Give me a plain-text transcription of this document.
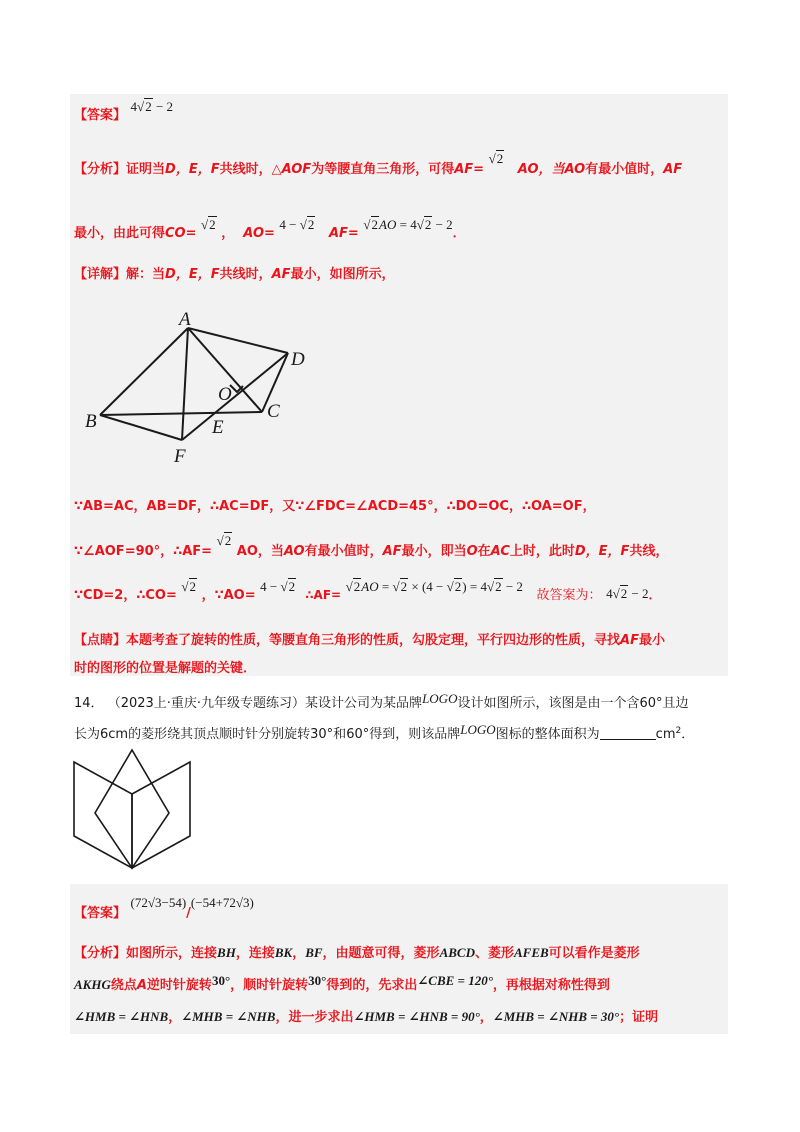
【答案】 4√2 − 2
【分析】证明当D，E，F共线时，△AOF为等腰直角三角形，可得AF= √2   AO，当AO有最小值时，AF
最小，由此可得CO= √2 ， AO= 4 − √2   AF= √2AO = 4√2 − 2．
【详解】解：当D，E，F共线时，AF最小，如图所示，
A
D
O
C
B	E
F
∵AB=AC，AB=DF，∴AC=DF，又∵∠FDC=∠ACD=45°，∴DO=OC，∴OA=OF，
∵∠AOF=90°，∴AF= √2 AO，当AO有最小值时，AF最小，即当O在AC上时，此时D，E，F共线，
∵CD=2，∴CO= √2 ，∵AO= 4 − √2  ∴AF= √2AO = √2 × (4 − √2) = 4√2 − 2   故答案为： 4√2 − 2．
【点睛】本题考查了旋转的性质，等腰直角三角形的性质，勾股定理，平行四边形的性质，寻找AF最小
时的图形的位置是解题的关键．
14． （2023上·重庆·九年级专题练习）某设计公司为某品牌LOGO设计如图所示，该图是由一个含60°且边
长为6cm的菱形绕其顶点顺时针分别旋转30°和60°得到，则该品牌LOGO图标的整体面积为	$cm^2$．
【答案】 (72√3−54)/(−54+72√3)
【分析】如图所示，连接BH，连接BK，BF，由题意可得，菱形ABCD、菱形AFEB可以看作是菱形
AKHG绕点A逆时针旋转30°，顺时针旋转30°得到的，先求出∠CBE = 120°，再根据对称性得到
∠HMB = ∠HNB，∠MHB = ∠NHB，进一步求出∠HMB = ∠HNB = 90°，∠MHB = ∠NHB = 30°；证明
